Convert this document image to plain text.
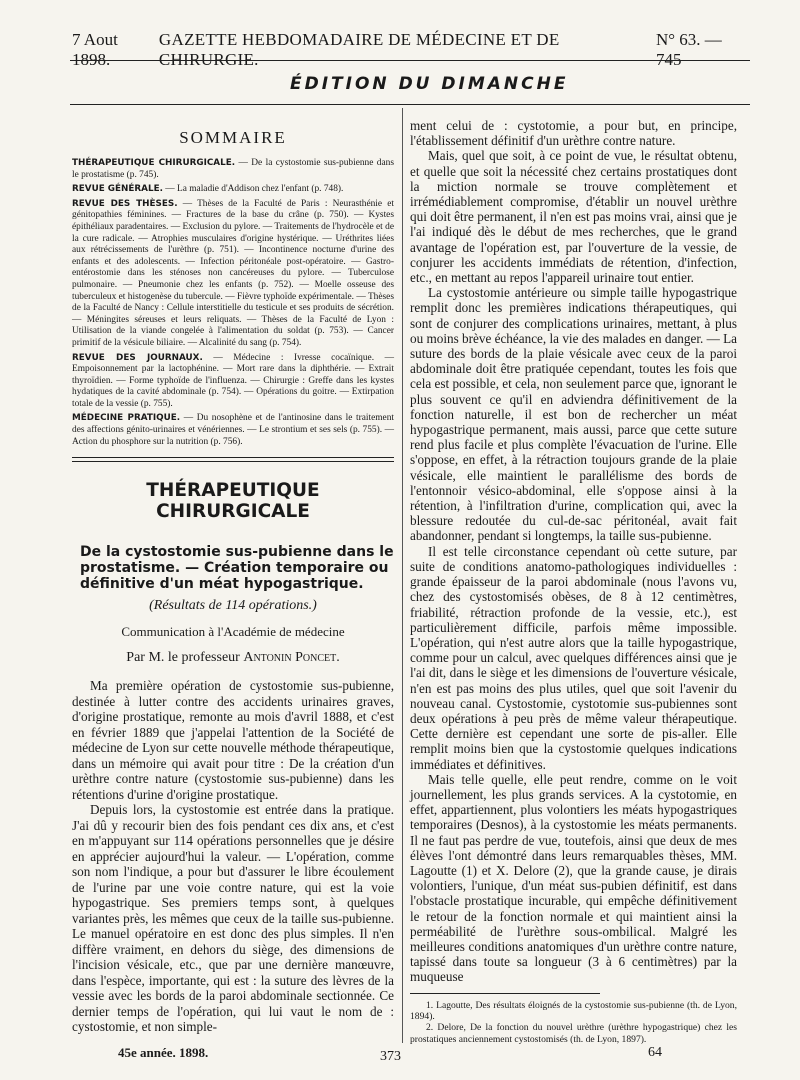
7 Aout 1898.
GAZETTE HEBDOMADAIRE DE MÉDECINE ET DE CHIRURGIE.
N° 63. — 745
ÉDITION DU DIMANCHE
SOMMAIRE
THÉRAPEUTIQUE CHIRURGICALE. — De la cystostomie sus-pubienne dans le prostatisme (p. 745).
REVUE GÉNÉRALE. — La maladie d'Addison chez l'enfant (p. 748).
REVUE DES THÈSES. — Thèses de la Faculté de Paris : Neurasthénie et génitopathies féminines. — Fractures de la base du crâne (p. 750). — Kystes épithéliaux paradentaires. — Exclusion du pylore. — Traitements de l'hydrocèle et de la cure radicale. — Atrophies musculaires d'origine hystérique. — Uréthrites liées aux rétrécissements de l'urèthre (p. 751). — Incontinence nocturne d'urine des enfants et des adolescents. — Infection péritonéale post-opératoire. — Gastro-entérostomie dans les sténoses non cancéreuses du pylore. — Tuberculose pulmonaire. — Pneumonie chez les enfants (p. 752). — Moelle osseuse des tuberculeux et histogenèse du tubercule. — Fièvre typhoïde expérimentale. — Thèses de la Faculté de Nancy : Cellule interstitielle du testicule et ses produits de sécrétion. — Méningites séreuses et leurs reliquats. — Thèses de la Faculté de Lyon : Utilisation de la viande congelée à l'alimentation du soldat (p. 753). — Cancer primitif de la vésicule biliaire. — Alcalinité du sang (p. 754).
REVUE DES JOURNAUX. — Médecine : Ivresse cocaïnique. — Empoisonnement par la lactophénine. — Mort rare dans la diphthérie. — Extrait thyroïdien. — Forme typhoïde de l'influenza. — Chirurgie : Greffe dans les kystes hydatiques de la cavité abdominale (p. 754). — Opérations du goitre. — Extirpation totale de la vessie (p. 755).
MÉDECINE PRATIQUE. — Du nosophène et de l'antinosine dans le traitement des affections génito-urinaires et vénériennes. — Le strontium et ses sels (p. 755). — Action du phosphore sur la nutrition (p. 756).
THÉRAPEUTIQUE CHIRURGICALE
De la cystostomie sus-pubienne dans le prostatisme. — Création temporaire ou définitive d'un méat hypogastrique.
(Résultats de 114 opérations.)
Communication à l'Académie de médecine
Par M. le professeur Antonin Poncet.

Ma première opération de cystostomie sus-pubienne, destinée à lutter contre des accidents urinaires graves, d'origine prostatique, remonte au mois d'avril 1888, et c'est en février 1889 que j'appelai l'attention de la Société de médecine de Lyon sur cette nouvelle méthode thérapeutique, dans un mémoire qui avait pour titre : De la création d'un urèthre contre nature (cystostomie sus-pubienne) dans les rétentions d'urine d'origine prostatique.

Depuis lors, la cystostomie est entrée dans la pratique. J'ai dû y recourir bien des fois pendant ces dix ans, et c'est en m'appuyant sur 114 opérations personnelles que je désire en apprécier aujourd'hui la valeur. — L'opération, comme son nom l'indique, a pour but d'assurer le libre écoulement de l'urine par une voie contre nature, qui est la voie hypogastrique. Ses premiers temps sont, à quelques variantes près, les mêmes que ceux de la taille sus-pubienne. Le manuel opératoire en est donc des plus simples. Il n'en diffère vraiment, en dehors du siège, des dimensions de l'incision vésicale, etc., que par une dernière manœuvre, dans l'espèce, importante, qui est : la suture des lèvres de la vessie avec les bords de la paroi abdominale sectionnée. Ce dernier temps de l'opération, qui lui vaut le nom de : cystostomie, et non simple-

ment celui de : cystotomie, a pour but, en principe, l'établissement définitif d'un urèthre contre nature.

Mais, quel que soit, à ce point de vue, le résultat obtenu, et quelle que soit la nécessité chez certains prostatiques dont la miction normale se trouve complètement et irrémédiablement compromise, d'établir un nouvel urèthre qui doit être permanent, il n'en est pas moins vrai, ainsi que je l'ai indiqué dès le début de mes recherches, que le grand avantage de l'opération est, par l'ouverture de la vessie, de conjurer les accidents immédiats de rétention, d'infection, etc., en mettant au repos l'appareil urinaire tout entier.

La cystostomie antérieure ou simple taille hypogastrique remplit donc les premières indications thérapeutiques, qui sont de conjurer des complications urinaires, mettant, à plus ou moins brève échéance, la vie des malades en danger. — La suture des bords de la plaie vésicale avec ceux de la paroi abdominale doit être pratiquée cependant, toutes les fois que cela est possible, et cela, non seulement parce que, ignorant le plus souvent ce qu'il en adviendra définitivement de la fonction naturelle, il est bon de rechercher un méat hypogastrique permanent, mais aussi, parce que cette suture rend plus facile et plus complète l'évacuation de l'urine. Elle s'oppose, en effet, à la rétraction toujours grande de la plaie vésicale, elle maintient le parallélisme des bords de l'entonnoir vésico-abdominal, elle s'oppose ainsi à la rétention, à l'infiltration d'urine, complication qui, avec la blessure redoutée du cul-de-sac péritonéal, avait fait abandonner, pendant si longtemps, la taille sus-pubienne.

Il est telle circonstance cependant où cette suture, par suite de conditions anatomo-pathologiques individuelles : grande épaisseur de la paroi abdominale (nous l'avons vu, chez des cystostomisés obèses, de 8 à 12 centimètres, friabilité, rétraction profonde de la vessie, etc.), est particulièrement difficile, parfois même impossible. L'opération, qui n'est autre alors que la taille hypogastrique, comme pour un calcul, avec quelques différences ainsi que je l'ai dit, dans le siège et les dimensions de l'ouverture vésicale, n'en est pas moins des plus utiles, quel que soit l'avenir du nouveau canal. Cystostomie, cystotomie sus-pubiennes sont deux opérations à peu près de même valeur thérapeutique. Cette dernière est cependant une sorte de pis-aller. Elle remplit moins bien que la cystostomie quelques indications immédiates et définitives.

Mais telle quelle, elle peut rendre, comme on le voit journellement, les plus grands services. A la cystotomie, en effet, appartiennent, plus volontiers les méats hypogastriques temporaires (Desnos), à la cystostomie les méats permanents. Il ne faut pas perdre de vue, toutefois, ainsi que deux de mes élèves l'ont démontré dans leurs remarquables thèses, MM. Lagoutte (1) et X. Delore (2), que la grande cause, je dirais volontiers, l'unique, d'un méat sus-pubien définitif, est dans l'obstacle prostatique incurable, qui empêche définitivement le retour de la fonction normale et qui maintient ainsi la perméabilité de l'urèthre sous-ombilical. Malgré les meilleures conditions anatomiques d'un urèthre contre nature, tapissé dans toute sa longueur (3 à 6 centimètres) par la muqueuse

1. Lagoutte, Des résultats éloignés de la cystostomie sus-pubienne (th. de Lyon, 1894).
2. Delore, De la fonction du nouvel urèthre (urèthre hypogastrique) chez les prostatiques anciennement cystostomisés (th. de Lyon, 1897).
45e année. 1898.	373	64
